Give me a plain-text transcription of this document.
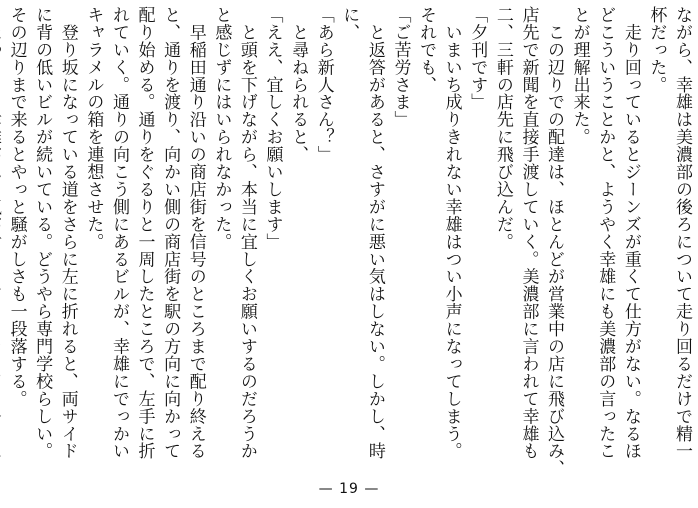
ながら、幸雄は美濃部の後ろについて走り回るだけで精一
杯だった。
　走り回っているとジーンズが重くて仕方がない。なるほ
どこういうことかと、ようやく幸雄にも美濃部の言ったこ
とが理解出来た。
　この辺りでの配達は、ほとんどが営業中の店に飛び込み、
店先で新聞を直接手渡していく。美濃部に言われて幸雄も
二、三軒の店先に飛び込んだ。
「夕刊です」
　いまいち成りきれない幸雄はつい小声になってしまう。
それでも、
「ご苦労さま」
　と返答があると、さすがに悪い気はしない。しかし、時
に、
「あら新人さん？」
　と尋ねられると、
「ええ、宜しくお願いします」
　と頭を下げながら、本当に宜しくお願いするのだろうか
と感じずにはいられなかった。
　早稲田通り沿いの商店街を信号のところまで配り終える
と、通りを渡り、向かい側の商店街を駅の方向に向かって
配り始める。通りをぐるりと一周したところで、左手に折
れていく。通りの向こう側にあるビルが、幸雄にでっかい
キャラメルの箱を連想させた。
　登り坂になっている道をさらに左に折れると、両サイド
に背の低いビルが続いている。どうやら専門学校らしい。
その辺りまで来るとやっと騒がしさも一段落する。
— 19 —
